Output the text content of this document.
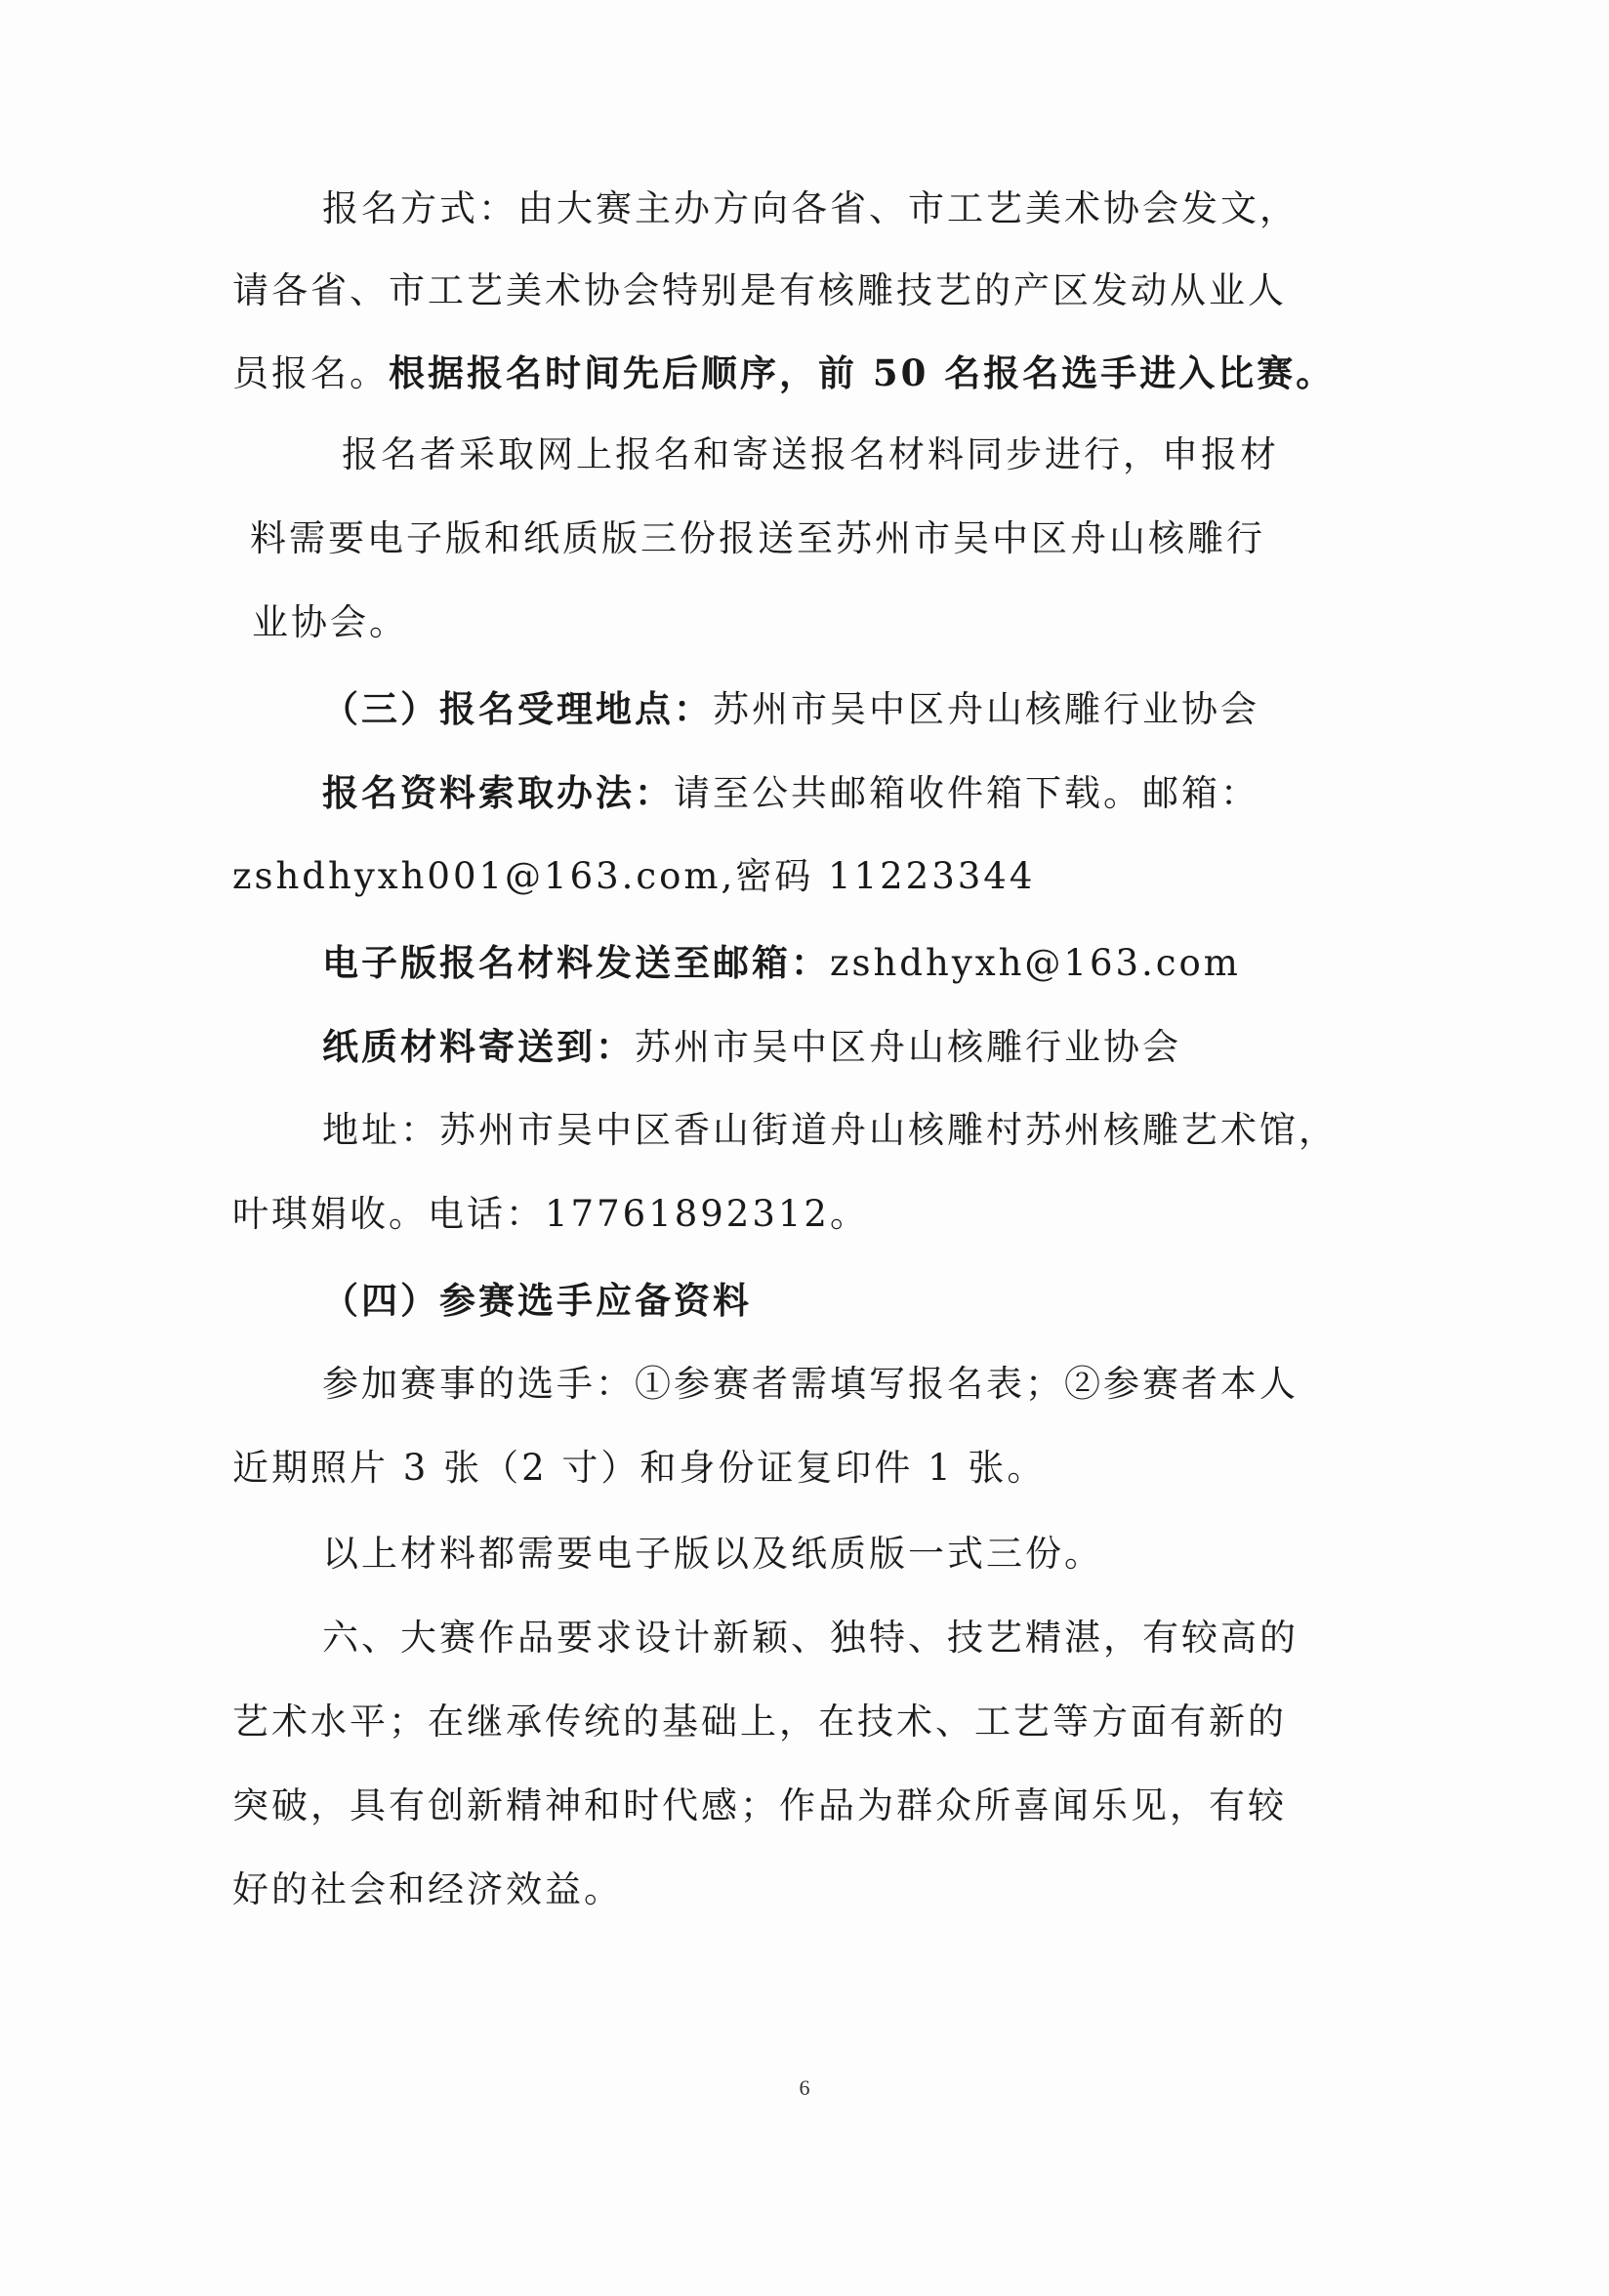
报名方式：由大赛主办方向各省、市工艺美术协会发文，
请各省、市工艺美术协会特别是有核雕技艺的产区发动从业人
员报名。根据报名时间先后顺序，前 50 名报名选手进入比赛。
报名者采取网上报名和寄送报名材料同步进行，申报材
料需要电子版和纸质版三份报送至苏州市吴中区舟山核雕行
业协会。
（三）报名受理地点：苏州市吴中区舟山核雕行业协会
报名资料索取办法：请至公共邮箱收件箱下载。邮箱：
zshdhyxh001@163.com,密码 11223344
电子版报名材料发送至邮箱：zshdhyxh@163.com
纸质材料寄送到：苏州市吴中区舟山核雕行业协会
地址：苏州市吴中区香山街道舟山核雕村苏州核雕艺术馆，
叶琪娟收。电话：17761892312。
（四）参赛选手应备资料
参加赛事的选手：①参赛者需填写报名表；②参赛者本人
近期照片 3 张（2 寸）和身份证复印件 1 张。
以上材料都需要电子版以及纸质版一式三份。
六、大赛作品要求设计新颖、独特、技艺精湛，有较高的
艺术水平；在继承传统的基础上，在技术、工艺等方面有新的
突破，具有创新精神和时代感；作品为群众所喜闻乐见，有较
好的社会和经济效益。
6
